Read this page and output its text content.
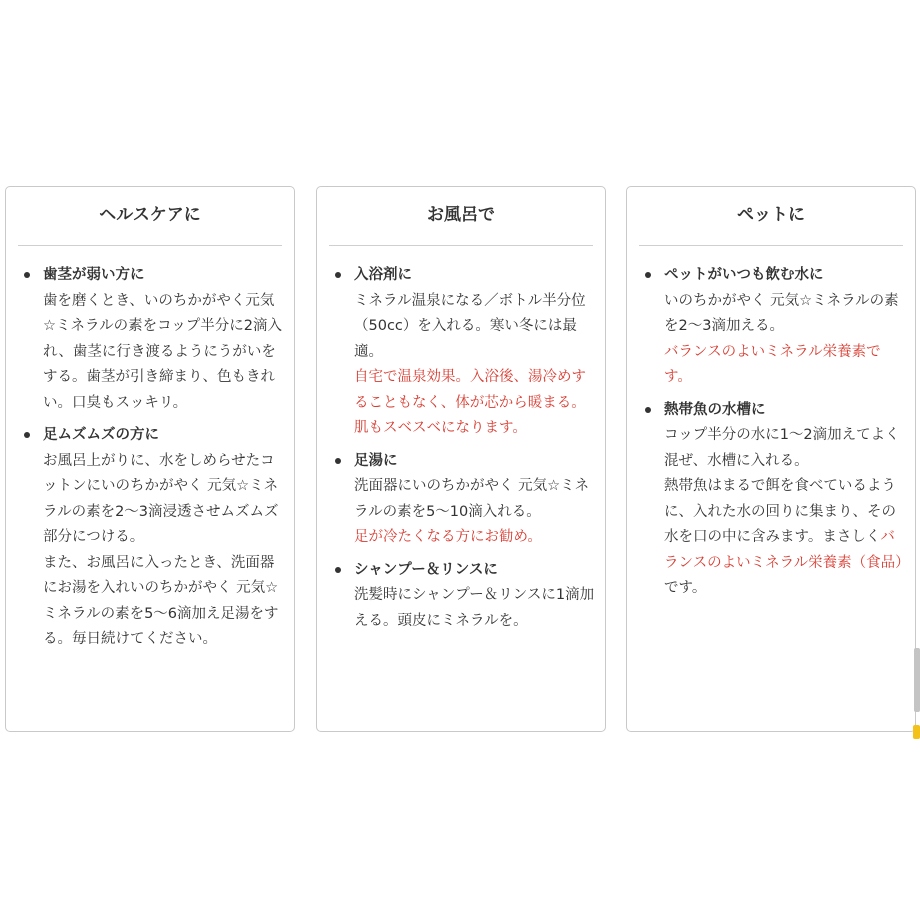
ヘルスケアに
歯茎が弱い方に
歯を磨くとき、いのちかがやく元気☆ミネラルの素をコップ半分に2滴入れ、歯茎に行き渡るようにうがいをする。歯茎が引き締まり、色もきれい。口臭もスッキリ。
足ムズムズの方に
お風呂上がりに、水をしめらせたコットンにいのちかがやく 元気☆ミネラルの素を2〜3滴浸透させムズムズ部分につける。
また、お風呂に入ったとき、洗面器にお湯を入れいのちかがやく 元気☆ミネラルの素を5〜6滴加え足湯をする。毎日続けてください。
お風呂で
入浴剤に
ミネラル温泉になる／ボトル半分位（50cc）を入れる。寒い冬には最適。
自宅で温泉効果。入浴後、湯冷めすることもなく、体が芯から暖まる。肌もスベスベになります。
足湯に
洗面器にいのちかがやく 元気☆ミネラルの素を5〜10滴入れる。
足が冷たくなる方にお勧め。
シャンプー＆リンスに
洗髪時にシャンプー＆リンスに1滴加える。頭皮にミネラルを。
ペットに
ペットがいつも飲む水に
いのちかがやく 元気☆ミネラルの素を2〜3滴加える。
バランスのよいミネラル栄養素です。
熱帯魚の水槽に
コップ半分の水に1〜2滴加えてよく混ぜ、水槽に入れる。
熱帯魚はまるで餌を食べているように、入れた水の回りに集まり、その水を口の中に含みます。まさしくバランスのよいミネラル栄養素（食品）です。
